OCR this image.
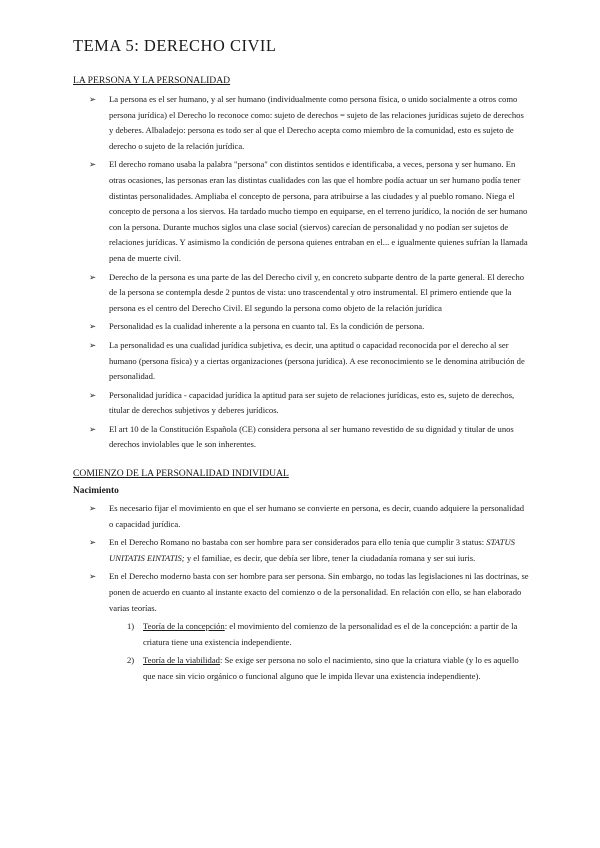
TEMA 5: DERECHO CIVIL
LA PERSONA Y LA PERSONALIDAD
➢ La persona es el ser humano, y al ser humano (individualmente como persona física, o unido socialmente a otros como persona jurídica) el Derecho lo reconoce como: sujeto de derechos = sujeto de las relaciones jurídicas sujeto de derechos y deberes. Albaladejo: persona es todo ser al que el Derecho acepta como miembro de la comunidad, esto es sujeto de derecho o sujeto de la relación jurídica.
➢ El derecho romano usaba la palabra "persona" con distintos sentidos e identificaba, a veces, persona y ser humano. En otras ocasiones, las personas eran las distintas cualidades con las que el hombre podía actuar un ser humano podía tener distintas personalidades. Ampliaba el concepto de persona, para atribuirse a las ciudades y al pueblo romano. Niega el concepto de persona a los siervos. Ha tardado mucho tiempo en equiparse, en el terreno jurídico, la noción de ser humano con la persona. Durante muchos siglos una clase social (siervos) carecían de personalidad y no podían ser sujetos de relaciones jurídicas. Y asimismo la condición de persona quienes entraban en el... e igualmente quienes sufrían la llamada pena de muerte civil.
➢ Derecho de la persona es una parte de las del Derecho civil y, en concreto subparte dentro de la parte general. El derecho de la persona se contempla desde 2 puntos de vista: uno trascendental y otro instrumental. El primero entiende que la persona es el centro del Derecho Civil. El segundo la persona como objeto de la relación jurídica
➢ Personalidad es la cualidad inherente a la persona en cuanto tal. Es la condición de persona.
➢ La personalidad es una cualidad jurídica subjetiva, es decir, una aptitud o capacidad reconocida por el derecho al ser humano (persona física) y a ciertas organizaciones (persona jurídica). A ese reconocimiento se le denomina atribución de personalidad.
➢ Personalidad jurídica - capacidad jurídica la aptitud para ser sujeto de relaciones jurídicas, esto es, sujeto de derechos, titular de derechos subjetivos y deberes jurídicos.
➢ El art 10 de la Constitución Española (CE) considera persona al ser humano revestido de su dignidad y titular de unos derechos inviolables que le son inherentes.
COMIENZO DE LA PERSONALIDAD INDIVIDUAL
Nacimiento
➢ Es necesario fijar el movimiento en que el ser humano se convierte en persona, es decir, cuando adquiere la personalidad o capacidad jurídica.
➢ En el Derecho Romano no bastaba con ser hombre para ser considerados para ello tenía que cumplir 3 status: STATUS UNITATIS EINTATIS; y el familiae, es decir, que debía ser libre, tener la ciudadanía romana y ser sui iuris.
➢ En el Derecho moderno basta con ser hombre para ser persona. Sin embargo, no todas las legislaciones ni las doctrinas, se ponen de acuerdo en cuanto al instante exacto del comienzo o de la personalidad. En relación con ello, se han elaborado varias teorías.
1) Teoría de la concepción: el movimiento del comienzo de la personalidad es el de la concepción: a partir de la criatura tiene una existencia independiente.
2) Teoría de la viabilidad: Se exige ser persona no solo el nacimiento, sino que la criatura viable (y lo es aquello que nace sin vicio orgánico o funcional alguno que le impida llevar una existencia independiente).
